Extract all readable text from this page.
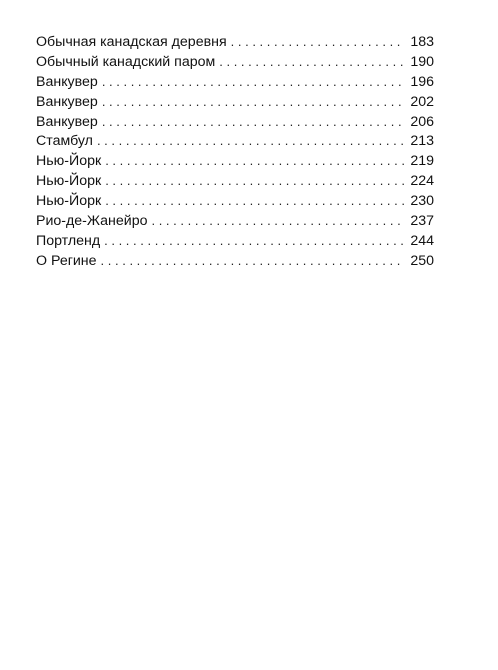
Обычная канадская деревня . . .	183
Обычный канадский паром . . .	190
Ванкувер . . .	196
Ванкувер . . .	202
Ванкувер . . .	206
Стамбул . . .	213
Нью-Йорк . . .	219
Нью-Йорк . . .	224
Нью-Йорк . . .	230
Рио-де-Жанейро . . .	237
Портленд . . .	244
О Регине . . .	250
